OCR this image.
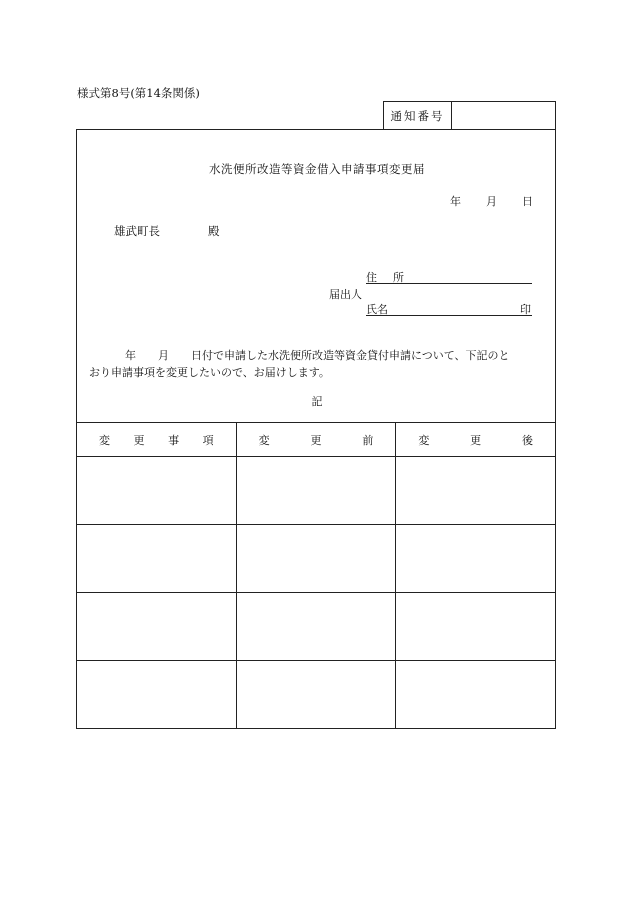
様式第8号(第14条関係)
通知番号
水洗便所改造等資金借入申請事項変更届
年 月 日
雄武町長	殿
住 所
届出人
氏名	印
年　　月　　日付で申請した水洗便所改造等資金貸付申請について、下記のと
おり申請事項を変更したいので、お届けします。
記
変 更 事 項	変 更 前	変 更 後
